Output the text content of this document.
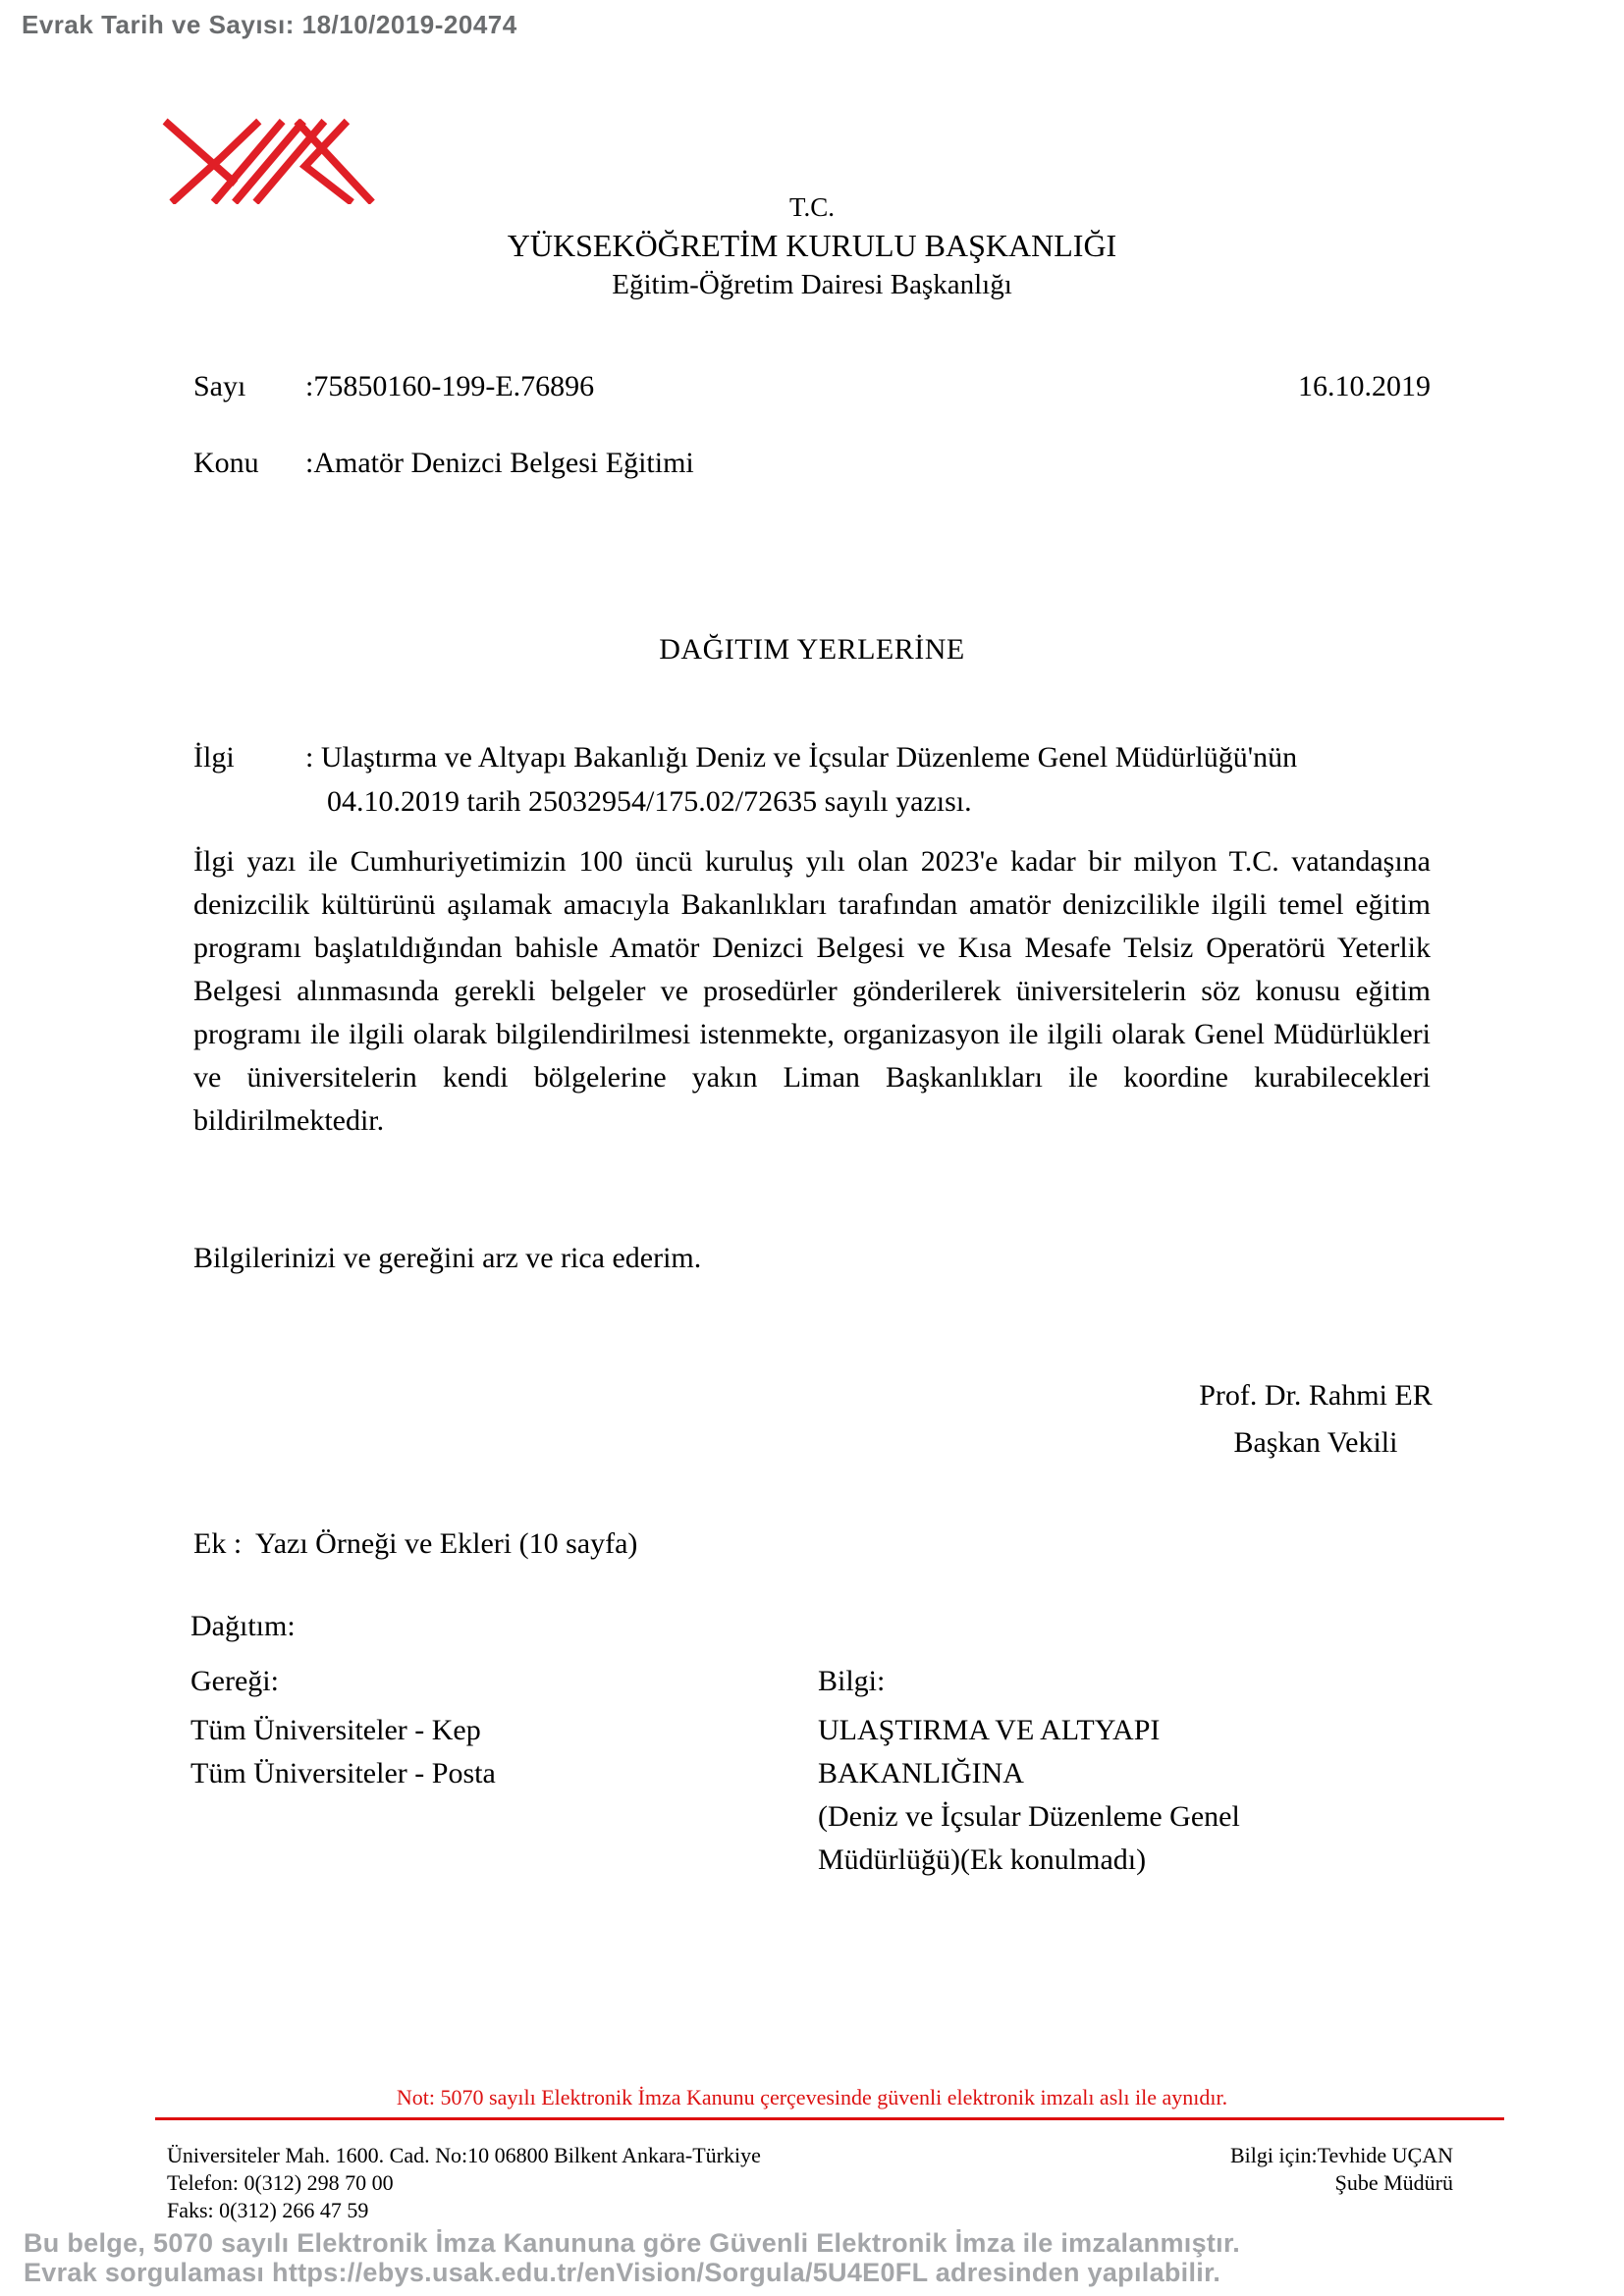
Evrak Tarih ve Sayısı: 18/10/2019-20474
T.C.
YÜKSEKÖĞRETİM KURULU BAŞKANLIĞI
Eğitim-Öğretim Dairesi Başkanlığı
Sayı :75850160-199-E.76896
Konu :Amatör Denizci Belgesi Eğitimi
16.10.2019
DAĞITIM YERLERİNE
İlgi : Ulaştırma ve Altyapı Bakanlığı Deniz ve İçsular Düzenleme Genel Müdürlüğü'nün
04.10.2019 tarih 25032954/175.02/72635 sayılı yazısı.
İlgi yazı ile Cumhuriyetimizin 100 üncü kuruluş yılı olan 2023'e kadar bir milyon T.C. vatandaşına denizcilik kültürünü aşılamak amacıyla Bakanlıkları tarafından amatör denizcilikle ilgili temel eğitim programı başlatıldığından bahisle Amatör Denizci Belgesi ve Kısa Mesafe Telsiz Operatörü Yeterlik Belgesi alınmasında gerekli belgeler ve prosedürler gönderilerek üniversitelerin söz konusu eğitim programı ile ilgili olarak bilgilendirilmesi istenmekte, organizasyon ile ilgili olarak Genel Müdürlükleri ve üniversitelerin kendi bölgelerine yakın Liman Başkanlıkları ile koordine kurabilecekleri bildirilmektedir.
Bilgilerinizi ve gereğini arz ve rica ederim.
Prof. Dr. Rahmi ER
Başkan Vekili
Ek :  Yazı Örneği ve Ekleri (10 sayfa)
Dağıtım:
Gereği:
Tüm Üniversiteler - Kep
Tüm Üniversiteler - Posta
Bilgi:
ULAŞTIRMA VE ALTYAPI
BAKANLIĞINA
(Deniz ve İçsular Düzenleme Genel
Müdürlüğü)(Ek konulmadı)
Not: 5070 sayılı Elektronik İmza Kanunu çerçevesinde güvenli elektronik imzalı aslı ile aynıdır.
Üniversiteler Mah. 1600. Cad. No:10 06800 Bilkent Ankara-Türkiye
Telefon: 0(312) 298 70 00
Faks: 0(312) 266 47 59
Bilgi için:Tevhide UÇAN
Şube Müdürü
Bu belge, 5070 sayılı Elektronik İmza Kanununa göre Güvenli Elektronik İmza ile imzalanmıştır.
Evrak sorgulaması https://ebys.usak.edu.tr/enVision/Sorgula/5U4E0FL adresinden yapılabilir.
